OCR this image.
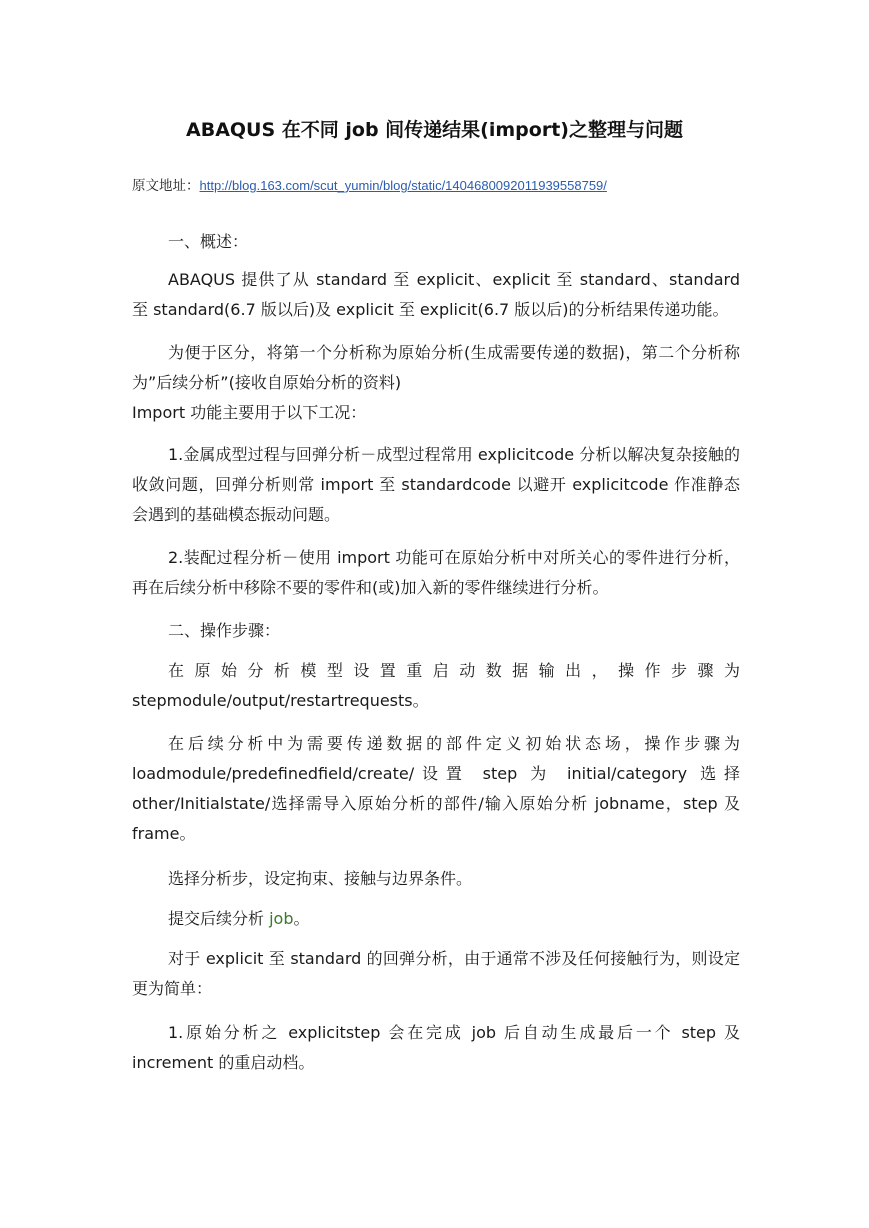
ABAQUS 在不同 job 间传递结果(import)之整理与问题
原文地址：http://blog.163.com/scut_yumin/blog/static/140468009201193955​8759/
一、概述：
ABAQUS 提供了从 standard 至 explicit、explicit 至 standard、standard 至 standard(6.7 版以后)及 explicit 至 explicit(6.7 版以后)的分析结果传递功能。
为便于区分，将第一个分析称为原始分析(生成需要传递的数据)，第二个分析称为”后续分析”(接收自原始分析的资料)
Import 功能主要用于以下工况：
1.金属成型过程与回弹分析－成型过程常用 explicitcode 分析以解决复杂接触的收敛问题，回弹分析则常 import 至 standardcode 以避开 explicitcode 作准静态会遇到的基础模态振动问题。
2.装配过程分析－使用 import 功能可在原始分析中对所关心的零件进行分析，再在后续分析中移除不要的零件和(或)加入新的零件继续进行分析。
二、操作步骤：
在原始分析模型设置重启动数据输出，操作步骤为 stepmodule/output/restartrequests。
在后续分析中为需要传递数据的部件定义初始状态场，操作步骤为 loadmodule/predefinedfield/create/设置 step 为 initial/category 选择 other/Initialstate/选择需导入原始分析的部件/输入原始分析 jobname，step 及 frame。
选择分析步，设定拘束、接触与边界条件。
提交后续分析 job。
对于 explicit 至 standard 的回弹分析，由于通常不涉及任何接触行为，则设定更为简单：
1.原始分析之 explicitstep 会在完成 job 后自动生成最后一个 step 及 increment 的重启动档。
